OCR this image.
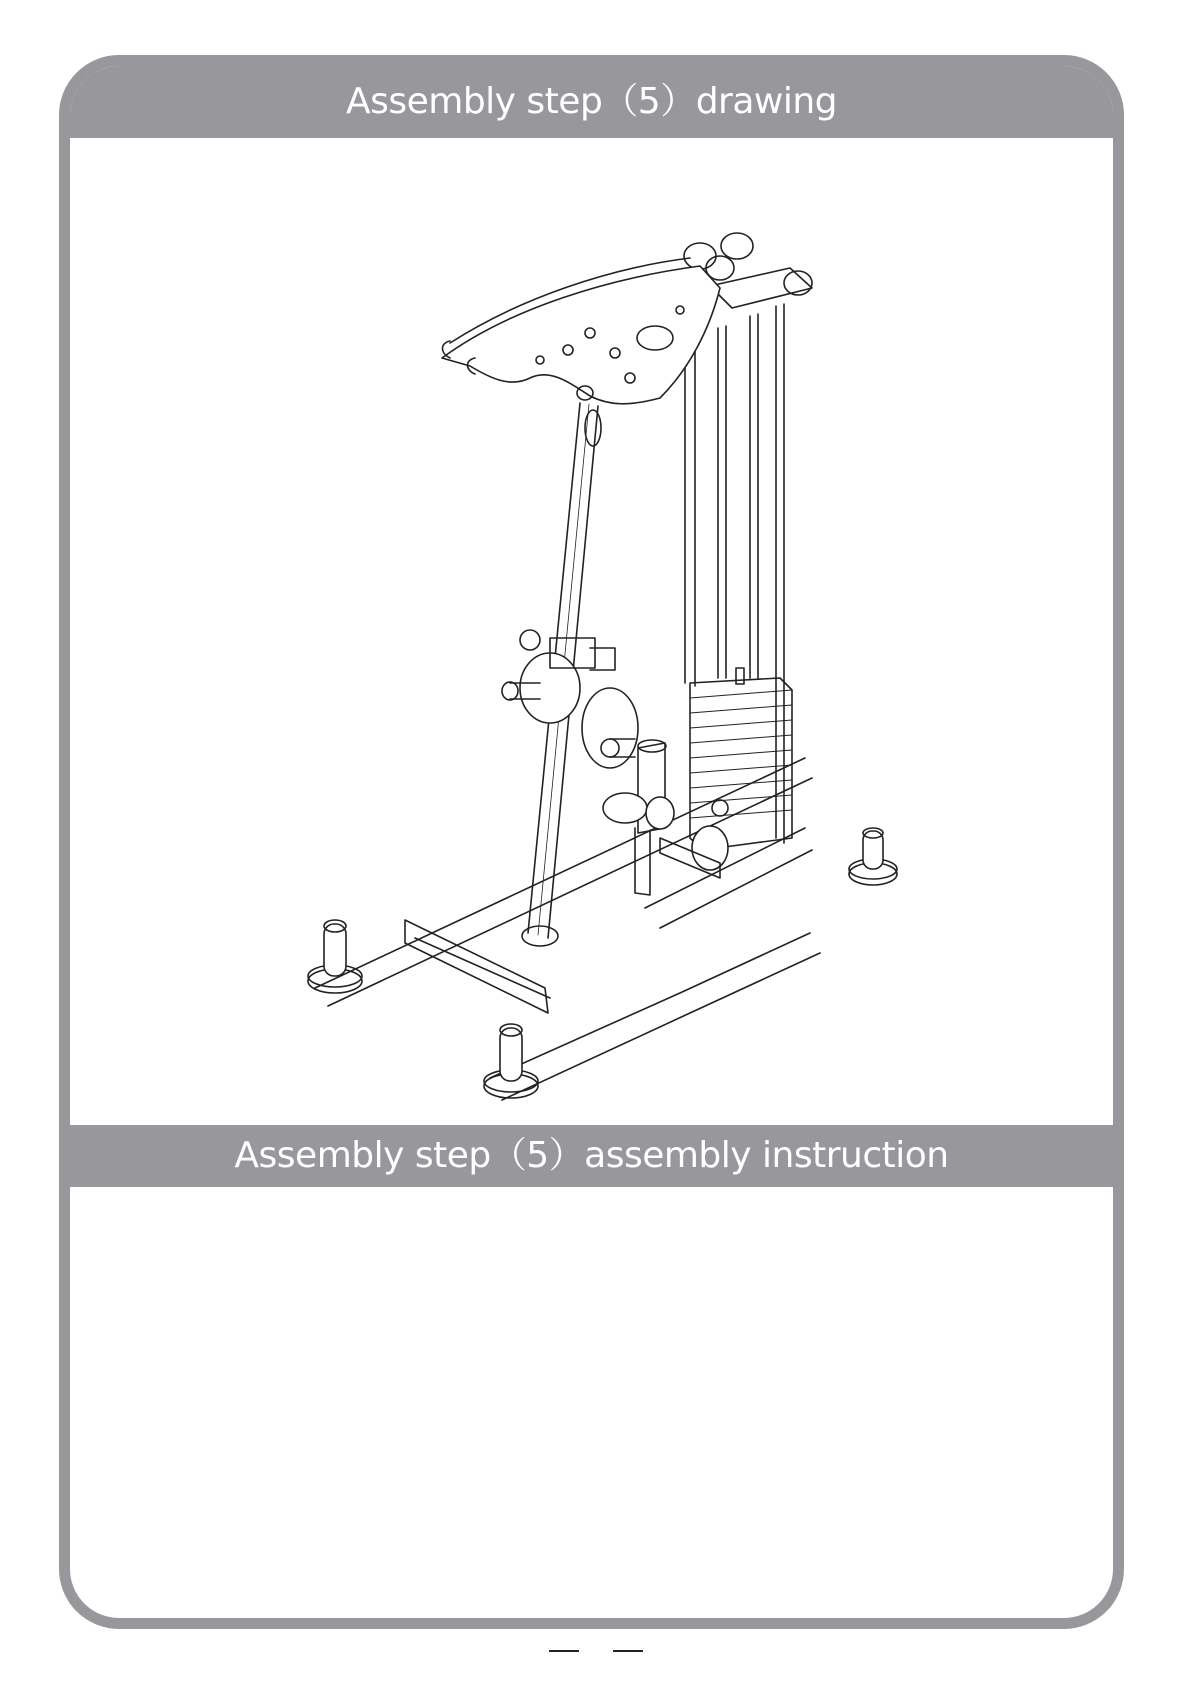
Assembly step（5）drawing
Assembly step（5）assembly instruction
